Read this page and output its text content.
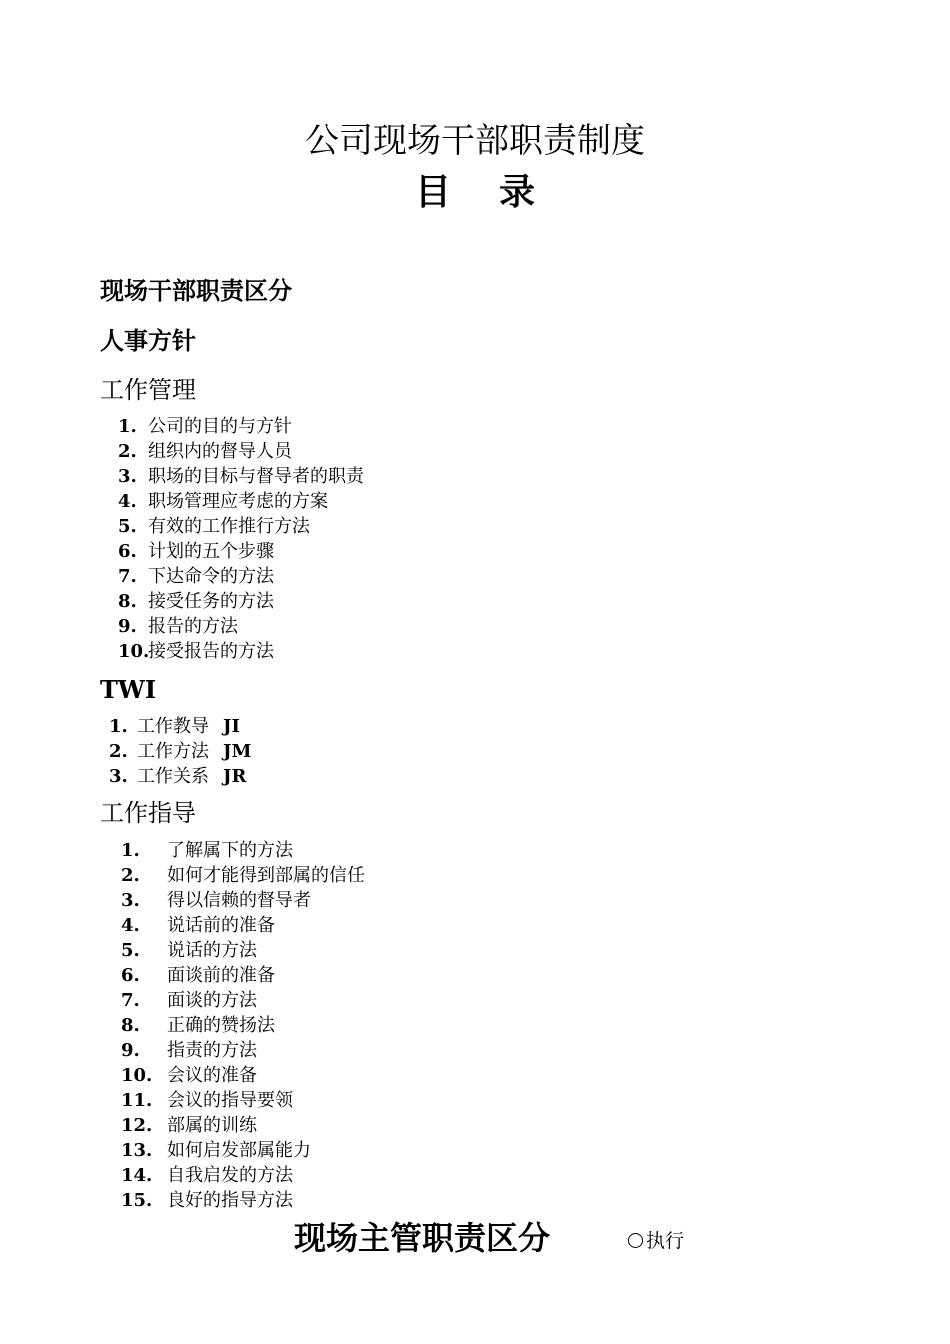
公司现场干部职责制度
目 录
现场干部职责区分
人事方针
工作管理
1. 公司的目的与方针
2. 组织内的督导人员
3. 职场的目标与督导者的职责
4. 职场管理应考虑的方案
5. 有效的工作推行方法
6. 计划的五个步骤
7. 下达命令的方法
8. 接受任务的方法
9. 报告的方法
10.接受报告的方法
TWI
1. 工作教导 JI
2. 工作方法 JM
3. 工作关系 JR
工作指导
1. 了解属下的方法
2. 如何才能得到部属的信任
3. 得以信赖的督导者
4. 说话前的准备
5. 说话的方法
6. 面谈前的准备
7. 面谈的方法
8. 正确的赞扬法
9. 指责的方法
10. 会议的准备
11. 会议的指导要领
12. 部属的训练
13. 如何启发部属能力
14. 自我启发的方法
15. 良好的指导方法
现场主管职责区分	执行
